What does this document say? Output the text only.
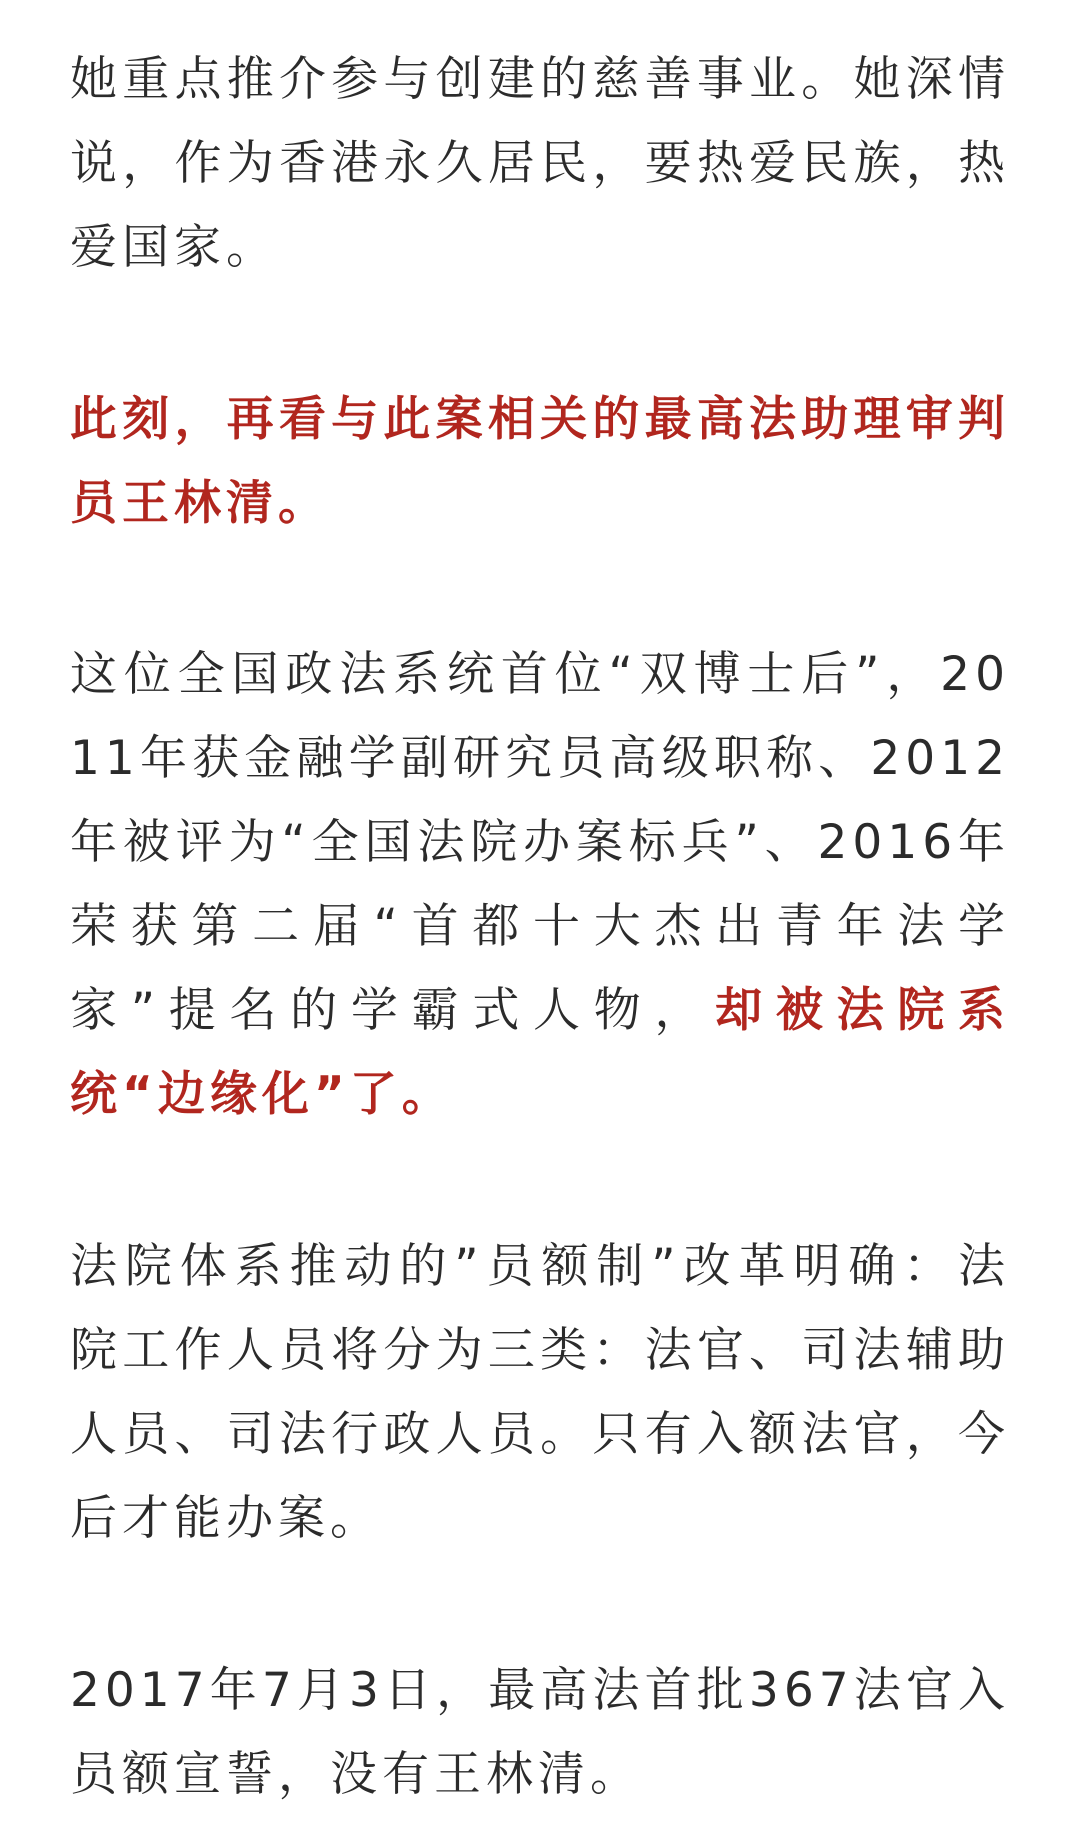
她重点推介参与创建的慈善事业。她深情说，作为香港永久居民，要热爱民族，热爱国家。

此刻，再看与此案相关的最高法助理审判员王林清。

这位全国政法系统首位“双博士后”，2011年获金融学副研究员高级职称、2012年被评为“全国法院办案标兵”、2016年荣获第二届“首都十大杰出青年法学家”提名的学霸式人物，却被法院系统“边缘化”了。

法院体系推动的”员额制”改革明确：法院工作人员将分为三类：法官、司法辅助人员、司法行政人员。只有入额法官，今后才能办案。

2017年7月3日，最高法首批367法官入员额宣誓，没有王林清。
